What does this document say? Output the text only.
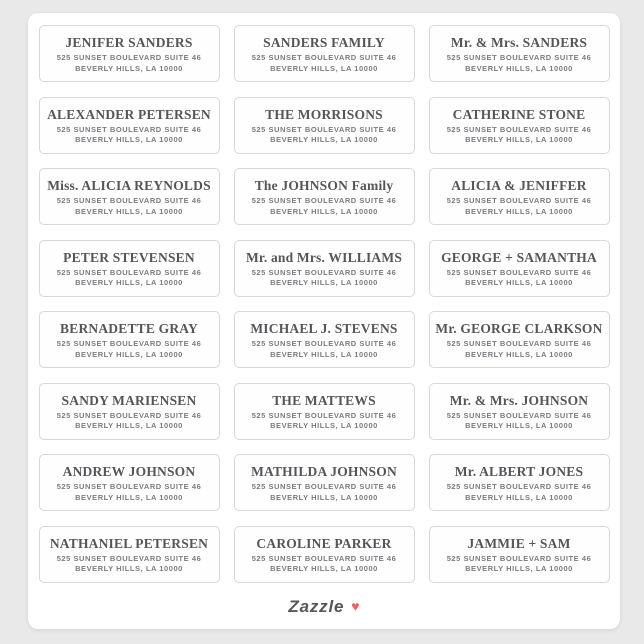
JENIFER SANDERS
525 SUNSET BOULEVARD SUITE 46
BEVERLY HILLS, LA 10000
SANDERS FAMILY
525 SUNSET BOULEVARD SUITE 46
BEVERLY HILLS, LA 10000
Mr. & Mrs. SANDERS
525 SUNSET BOULEVARD SUITE 46
BEVERLY HILLS, LA 10000
ALEXANDER PETERSEN
525 SUNSET BOULEVARD SUITE 46
BEVERLY HILLS, LA 10000
THE MORRISONS
525 SUNSET BOULEVARD SUITE 46
BEVERLY HILLS, LA 10000
CATHERINE STONE
525 SUNSET BOULEVARD SUITE 46
BEVERLY HILLS, LA 10000
Miss. ALICIA REYNOLDS
525 SUNSET BOULEVARD SUITE 46
BEVERLY HILLS, LA 10000
The JOHNSON Family
525 SUNSET BOULEVARD SUITE 46
BEVERLY HILLS, LA 10000
ALICIA & JENIFFER
525 SUNSET BOULEVARD SUITE 46
BEVERLY HILLS, LA 10000
PETER STEVENSEN
525 SUNSET BOULEVARD SUITE 46
BEVERLY HILLS, LA 10000
Mr. and Mrs. WILLIAMS
525 SUNSET BOULEVARD SUITE 46
BEVERLY HILLS, LA 10000
GEORGE + SAMANTHA
525 SUNSET BOULEVARD SUITE 46
BEVERLY HILLS, LA 10000
BERNADETTE GRAY
525 SUNSET BOULEVARD SUITE 46
BEVERLY HILLS, LA 10000
MICHAEL J. STEVENS
525 SUNSET BOULEVARD SUITE 46
BEVERLY HILLS, LA 10000
Mr. GEORGE CLARKSON
525 SUNSET BOULEVARD SUITE 46
BEVERLY HILLS, LA 10000
SANDY MARIENSEN
525 SUNSET BOULEVARD SUITE 46
BEVERLY HILLS, LA 10000
THE MATTEWS
525 SUNSET BOULEVARD SUITE 46
BEVERLY HILLS, LA 10000
Mr. & Mrs. JOHNSON
525 SUNSET BOULEVARD SUITE 46
BEVERLY HILLS, LA 10000
ANDREW JOHNSON
525 SUNSET BOULEVARD SUITE 46
BEVERLY HILLS, LA 10000
MATHILDA JOHNSON
525 SUNSET BOULEVARD SUITE 46
BEVERLY HILLS, LA 10000
Mr. ALBERT JONES
525 SUNSET BOULEVARD SUITE 46
BEVERLY HILLS, LA 10000
NATHANIEL PETERSEN
525 SUNSET BOULEVARD SUITE 46
BEVERLY HILLS, LA 10000
CAROLINE PARKER
525 SUNSET BOULEVARD SUITE 46
BEVERLY HILLS, LA 10000
JAMMIE + SAM
525 SUNSET BOULEVARD SUITE 46
BEVERLY HILLS, LA 10000
Zazzle ♥
